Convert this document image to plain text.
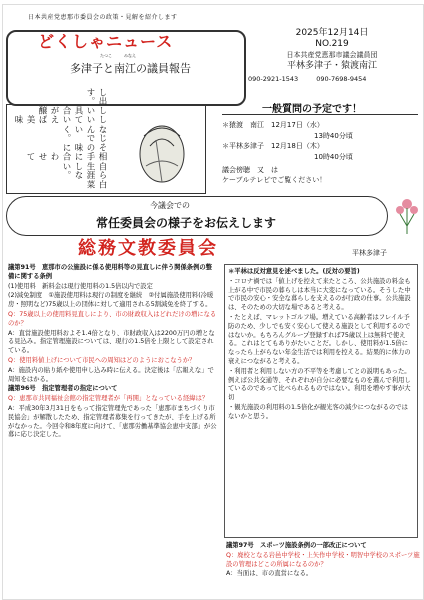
日本共産党恵那市委員会の政策・見解を紹介します
どくしゃニュース
たつこ　　　みなえ
多津子と南江の議員報告
2025年12月14日
NO.219
日本共産党恵那市議会議員団
平林多津子・猿渡南江
090-2921-1543	090-7698-9454
白菜
自ら生涯しない。
相手に合わせて
その味に
なじんでいく。
しいていえば美味
しい具合が醸
し出す。
一般質問の予定です！
＊猿渡　南江　 12月17日（水）
13時40分頃
＊平林多津子　 12月18日（木）
10時40分頃
議会傍聴　又　は
ケーブルテレビでご覧ください！
今議会での
常任委員会の様子をお伝えします
総務文教委員会	平林多津子

議第91号　恵那市の公施設に係る使用料等の見直しに伴う関係条例の整備に関する条例

(1)使用料　新料金は現行使用料の1.5倍以内で設定

(2)減免制度　①施設使用料は現行の制度を継続　②付属施設使用料(冷暖房・照明など)75歳以上の団体に対して適用される5割減免を終了する。

Q：75歳以上の使用料見直しにより、市の財政収入はどれだけの増になるのか？

A：直営施設使用料およそ1.4倍となり、市財政収入は2200万円の増となる見込み。指定管理施設については、現行の1.5倍を上限として設定されている。

Q：使用料値上げについて市民への周知はどのようにおこなうか？

A：施設内の貼り紙や使用申し込み時に伝える。決定後は「広報えな」で周知をはかる。

議第96号　指定管理者の指定について

Q：恵那市共同福祉会館の指定管理者が「再開」となっている経緯は？

A：平成30年3月31日をもって指定管理先であった「恵那市まちづくり市民協会」が解散したため、指定管理者募集を行ってきたが、手を上げる所がなかった。今回令和8年度に向けて、「恵那労働基準協会恵中支部」が公募に応じ決定した。

＊平林は反対意見を述べました。(反対の要旨)

・コロナ禍では「値上げを控えて来たところ、公共施設の料金も上がる中で市民の暮らしは本当に大変になっている。そうした中で市民の安心・安全な暮らしを支えるのが行政の仕事。公共施設は、そのための大切な場であると考える。

・たとえば、マレットゴルフ場。増えている高齢者はフレイル予防のため、少しでも安く安心して使える施設として利用するのではないか。もちろんグループ登録すれば75歳以上は無料で使える。これはとてもありがたいことだ。しかし、使用料が1.5倍になったら上がらない年金生活では利用を控える。結果的に体力の衰えにつながると考える。

・利用者と利用しない方の不平等を考慮してとの説明もあった。例えば公共交通等、それぞれが自分に必要なものを選んで利用しているのであって比べられるものではない。利用を増やす事が大切

・観光施設の利用料の1.5倍化が観光客の減少につながるのではないかと思う。

議第97号　スポーツ施設条例の一部改正について

Q：廃校となる岩邑中学校・上矢作中学校・明智中学校のスポーツ施設の管理はどこの所属になるのか？

A：当面は、市の直営になる。
